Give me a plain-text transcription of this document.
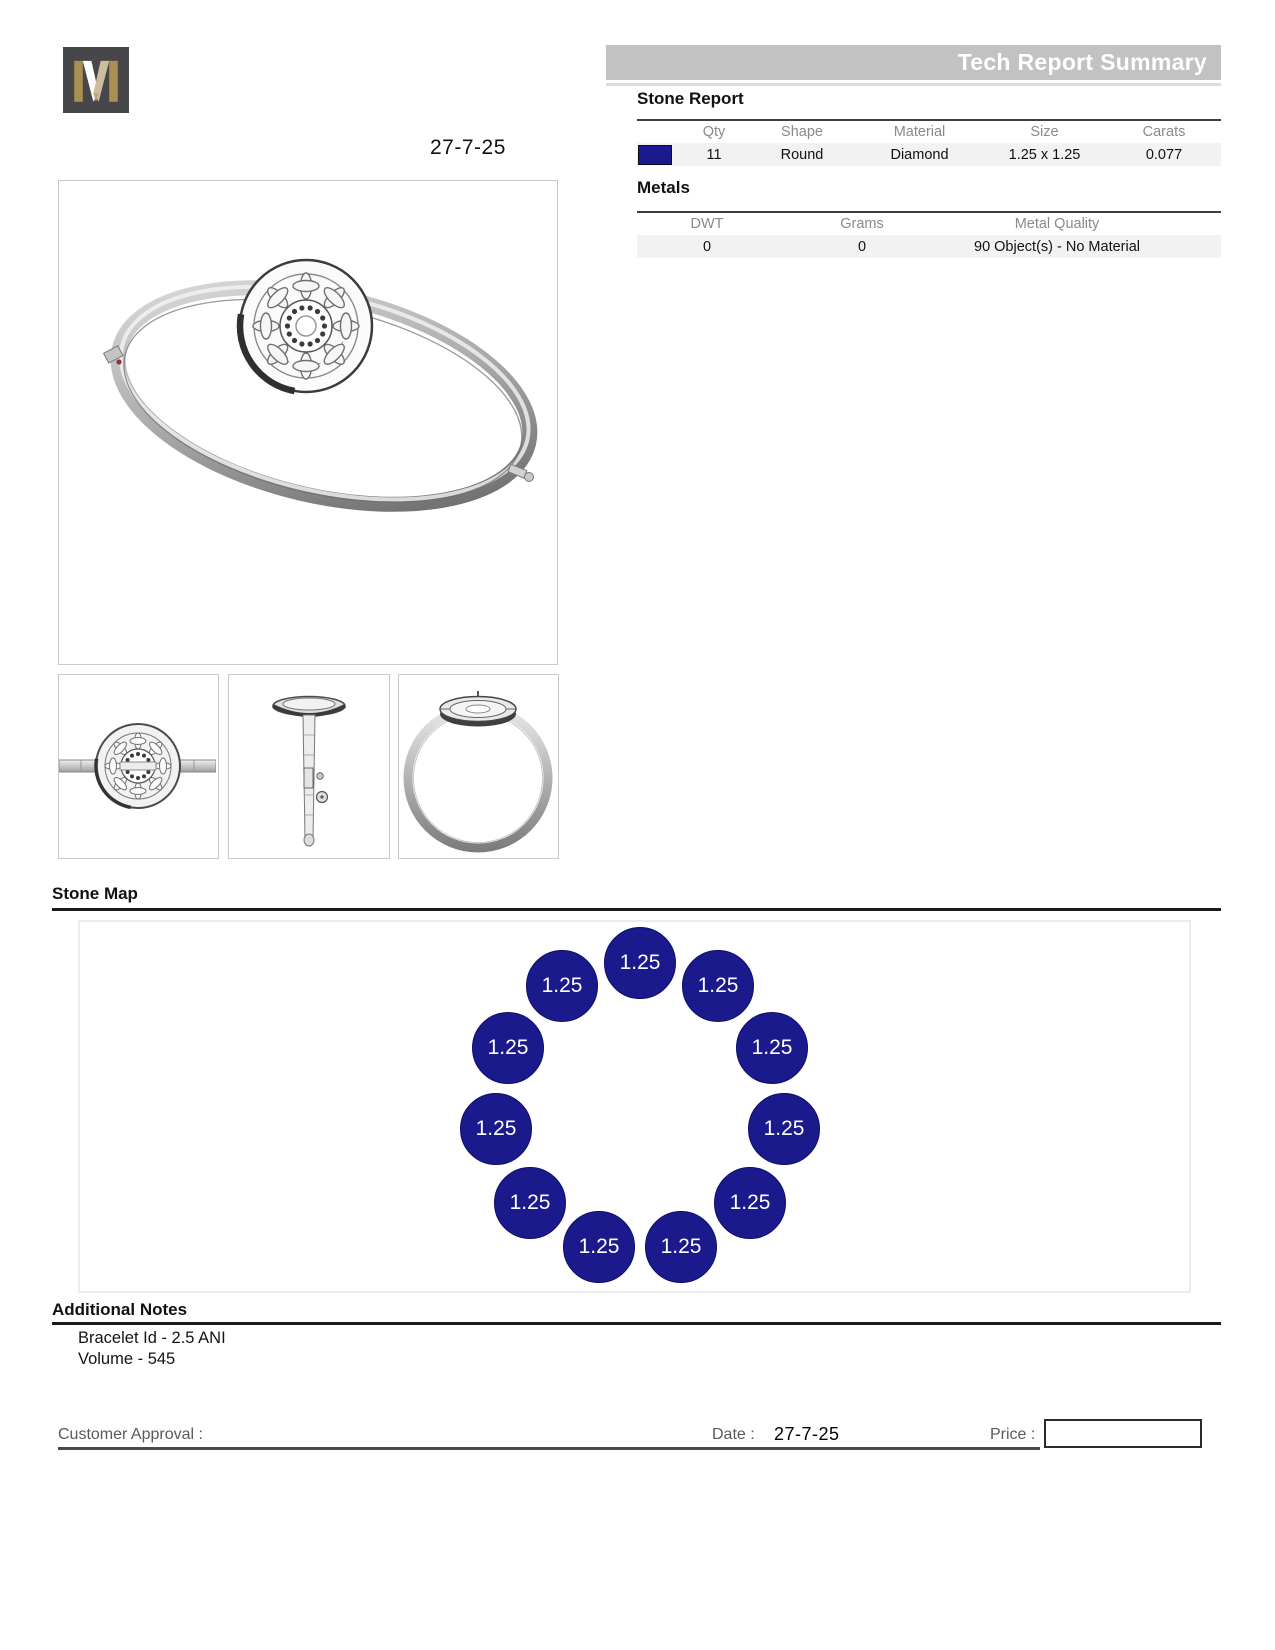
27-7-25
Tech Report Summary
Stone Report
Qty	Shape	Material	Size	Carats
11	Round	Diamond	1.25 x 1.25	0.077
Metals
DWT	Grams	Metal Quality
0	0	90 Object(s) - No Material
Stone Map
1.25
1.25
1.25
1.25
1.25
1.25
1.25
1.25
1.25
1.25
1.25
Additional Notes
Bracelet Id - 2.5 ANI
Volume - 545
Customer Approval :	Date : 27-7-25	Price :
